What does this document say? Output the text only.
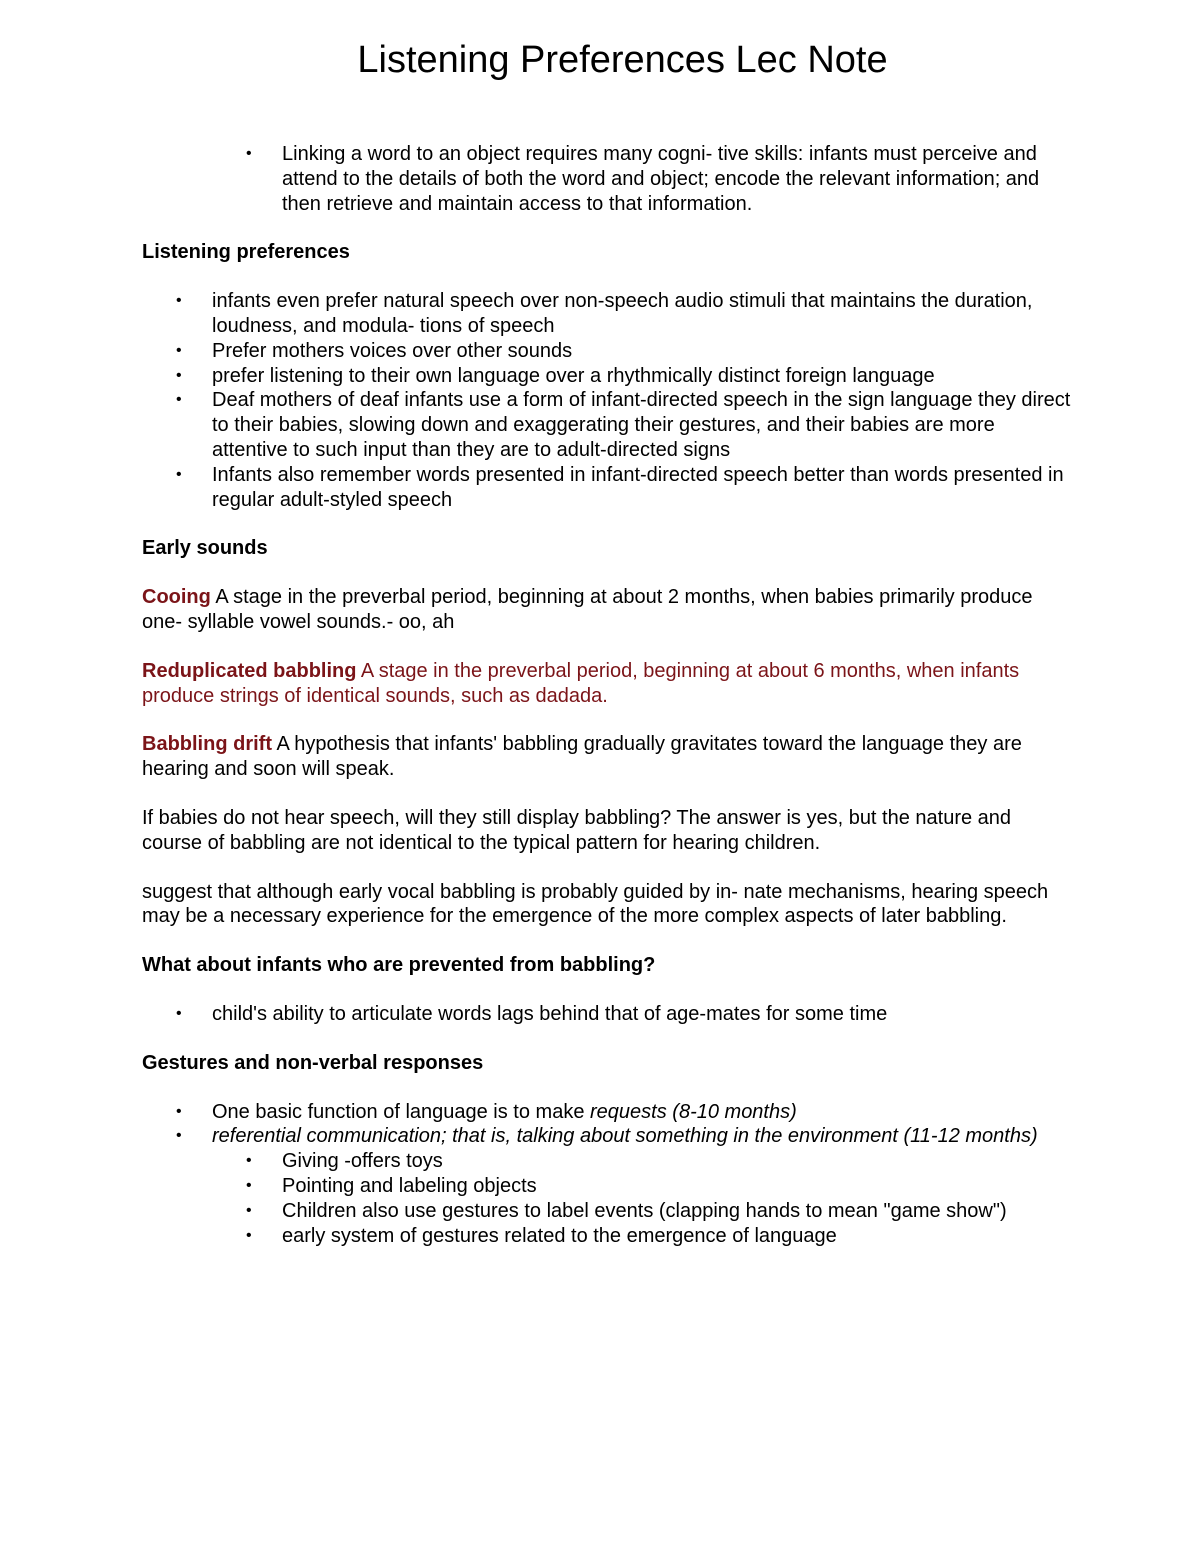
Listening Preferences Lec Note
• Linking a word to an object requires many cogni- tive skills: infants must perceive and attend to the details of both the word and object; encode the relevant information; and then retrieve and maintain access to that information.
Listening preferences
• infants even prefer natural speech over non-speech audio stimuli that maintains the duration, loudness, and modula- tions of speech
• Prefer mothers voices over other sounds
• prefer listening to their own language over a rhythmically distinct foreign language
• Deaf mothers of deaf infants use a form of infant-directed speech in the sign language they direct to their babies, slowing down and exaggerating their gestures, and their babies are more attentive to such input than they are to adult-directed signs
• Infants also remember words presented in infant-directed speech better than words presented in regular adult-styled speech
Early sounds
Cooing A stage in the preverbal period, beginning at about 2 months, when babies primarily produce one- syllable vowel sounds.- oo, ah
Reduplicated babbling A stage in the preverbal period, beginning at about 6 months, when infants produce strings of identical sounds, such as dadada.
Babbling drift A hypothesis that infants' babbling gradually gravitates toward the language they are hearing and soon will speak.
If babies do not hear speech, will they still display babbling? The answer is yes, but the nature and course of babbling are not identical to the typical pattern for hearing children.
suggest that although early vocal babbling is probably guided by in- nate mechanisms, hearing speech may be a necessary experience for the emergence of the more complex aspects of later babbling.
What about infants who are prevented from babbling?
• child's ability to articulate words lags behind that of age-mates for some time
Gestures and non-verbal responses
• One basic function of language is to make requests (8-10 months)
• referential communication; that is, talking about something in the environment (11-12 months)
• Giving -offers toys
• Pointing and labeling objects
• Children also use gestures to label events (clapping hands to mean "game show")
• early system of gestures related to the emergence of language
